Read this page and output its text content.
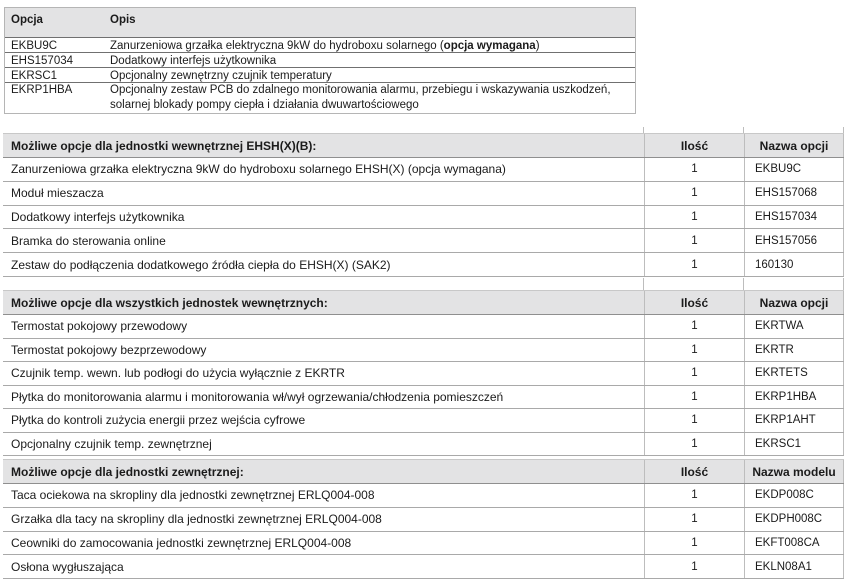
Opcja	Opis
EKBU9C	Zanurzeniowa grzałka elektryczna 9kW do hydroboxu solarnego (opcja wymagana)
EHS157034	Dodatkowy interfejs użytkownika
EKRSC1	Opcjonalny zewnętrzny czujnik temperatury
EKRP1HBA	Opcjonalny zestaw PCB do zdalnego monitorowania alarmu, przebiegu i wskazywania uszkodzeń, solarnej blokady pompy ciepła i działania dwuwartościowego
Możliwe opcje dla jednostki wewnętrznej EHSH(X)(B):	Ilość	Nazwa opcji
Zanurzeniowa grzałka elektryczna 9kW do hydroboxu solarnego EHSH(X) (opcja wymagana)	1	EKBU9C
Moduł mieszacza	1	EHS157068
Dodatkowy interfejs użytkownika	1	EHS157034
Bramka do sterowania online	1	EHS157056
Zestaw do podłączenia dodatkowego źródła ciepła do EHSH(X) (SAK2)	1	160130
Możliwe opcje dla wszystkich jednostek wewnętrznych:	Ilość	Nazwa opcji
Termostat pokojowy przewodowy	1	EKRTWA
Termostat pokojowy bezprzewodowy	1	EKRTR
Czujnik temp. wewn. lub podłogi do użycia wyłącznie z EKRTR	1	EKRTETS
Płytka do monitorowania alarmu i monitorowania wł/wył ogrzewania/chłodzenia pomieszczeń	1	EKRP1HBA
Płytka do kontroli zużycia energii przez wejścia cyfrowe	1	EKRP1AHT
Opcjonalny czujnik temp. zewnętrznej	1	EKRSC1
Możliwe opcje dla jednostki zewnętrznej:	Ilość	Nazwa modelu
Taca ociekowa na skropliny dla jednostki zewnętrznej ERLQ004-008	1	EKDP008C
Grzałka dla tacy na skropliny dla jednostki zewnętrznej ERLQ004-008	1	EKDPH008C
Ceowniki do zamocowania jednostki zewnętrznej ERLQ004-008	1	EKFT008CA
Osłona wygłuszająca	1	EKLN08A1
